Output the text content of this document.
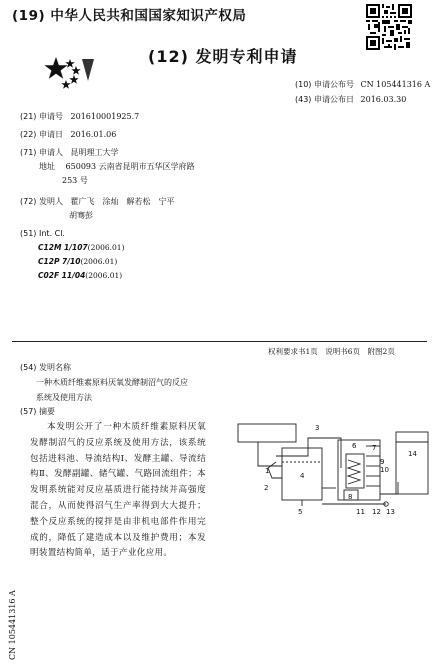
(19) 中华人民共和国国家知识产权局
(12) 发明专利申请
(10) 申请公布号 CN 105441316 A
(43) 申请公布日 2016.03.30
(21) 申请号 201610001925.7
(22) 申请日 2016.01.06
(71) 申请人 昆明理工大学
地址 650093 云南省昆明市五华区学府路
253 号
(72) 发明人 瞿广飞　涂灿　解若松　宁平
胡骞彭
(51) Int. Cl.
C12M 1/107(2006.01)
C12P 7/10(2006.01)
C02F 11/04(2006.01)
权利要求书1页　说明书6页　附图2页
(54) 发明名称
一种木质纤维素原料厌氧发酵制沼气的反应
系统及使用方法
(57) 摘要
本发明公开了一种木质纤维素原料厌氧发酵制沼气的反应系统及使用方法，该系统包括进料池、导流结构Ⅰ、发酵主罐、导流结构Ⅱ、发酵副罐、储气罐、气路回流组件；本发明系统能对反应基质进行能持续并高强度混合，从而使得沼气生产率得到大大提升；整个反应系统的搅拌是由非机电部件作用完成的，降低了建造成本以及维护费用；本发明装置结构简单，适于产业化应用。
1
2
3
4
5
6 7
8
9
10
11 12 13
14
CN 105441316 A
